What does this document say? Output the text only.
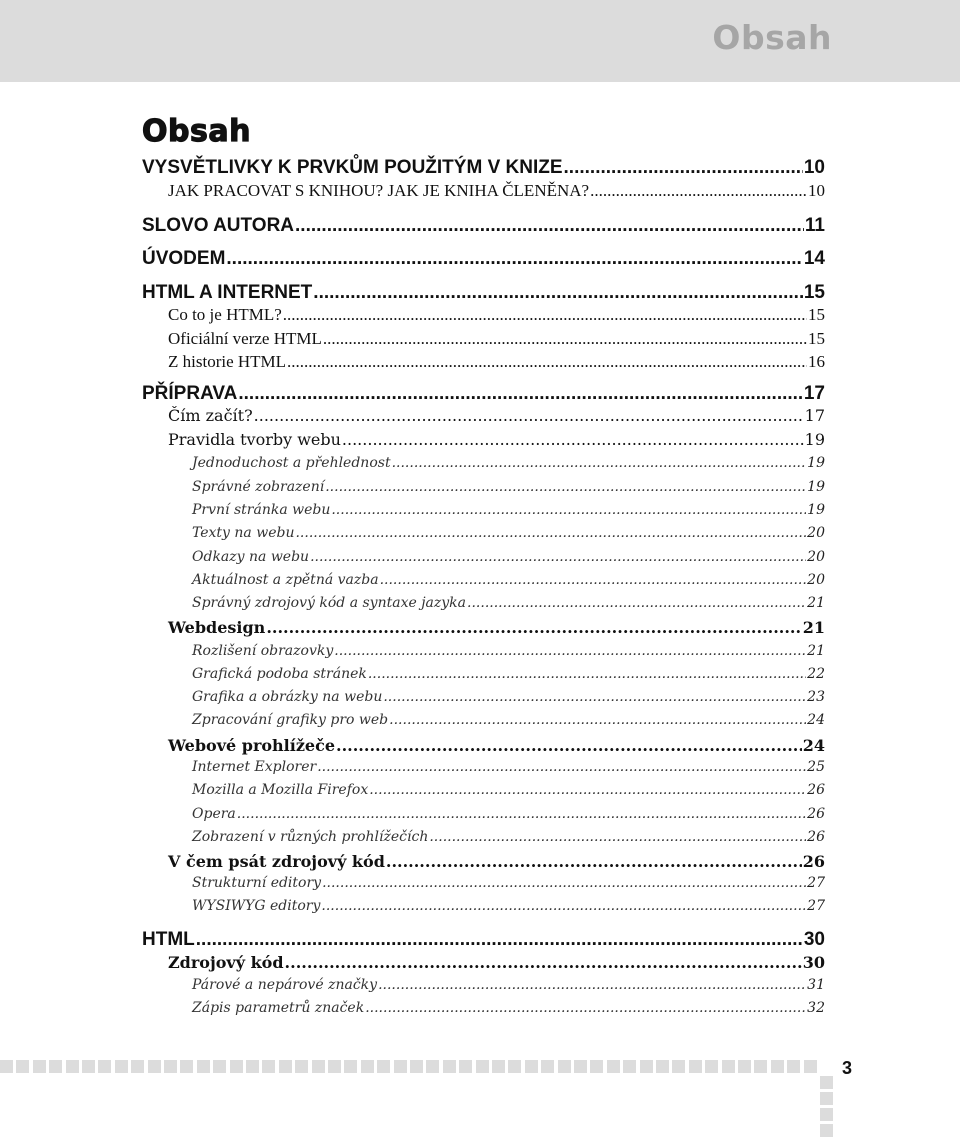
Obsah
Obsah
VYSVĚTLIVKY K PRVKŮM POUŽITÝM V KNIZE .....	10
JAK PRACOVAT S KNIHOU? JAK JE KNIHA ČLENĚNA? .....	10
SLOVO AUTORA .....	11
ÚVODEM .....	14
HTML A INTERNET .....	15
Co to je HTML? .....	15
Oficiální verze HTML .....	15
Z historie HTML .....	16
PŘÍPRAVA .....	17
Čím začít? .....	17
Pravidla tvorby webu .....	19
Jednoduchost a přehlednost .....	19
Správné zobrazení .....	19
První stránka webu .....	19
Texty na webu .....	20
Odkazy na webu .....	20
Aktuálnost a zpětná vazba .....	20
Správný zdrojový kód a syntaxe jazyka .....	21
Webdesign .....	21
Rozlišení obrazovky .....	21
Grafická podoba stránek .....	22
Grafika a obrázky na webu .....	23
Zpracování grafiky pro web .....	24
Webové prohlížeče .....	24
Internet Explorer .....	25
Mozilla a Mozilla Firefox .....	26
Opera .....	26
Zobrazení v různých prohlížečích .....	26
V čem psát zdrojový kód .....	26
Strukturní editory .....	27
WYSIWYG editory .....	27
HTML .....	30
Zdrojový kód .....	30
Párové a nepárové značky .....	31
Zápis parametrů značek .....	32
3
